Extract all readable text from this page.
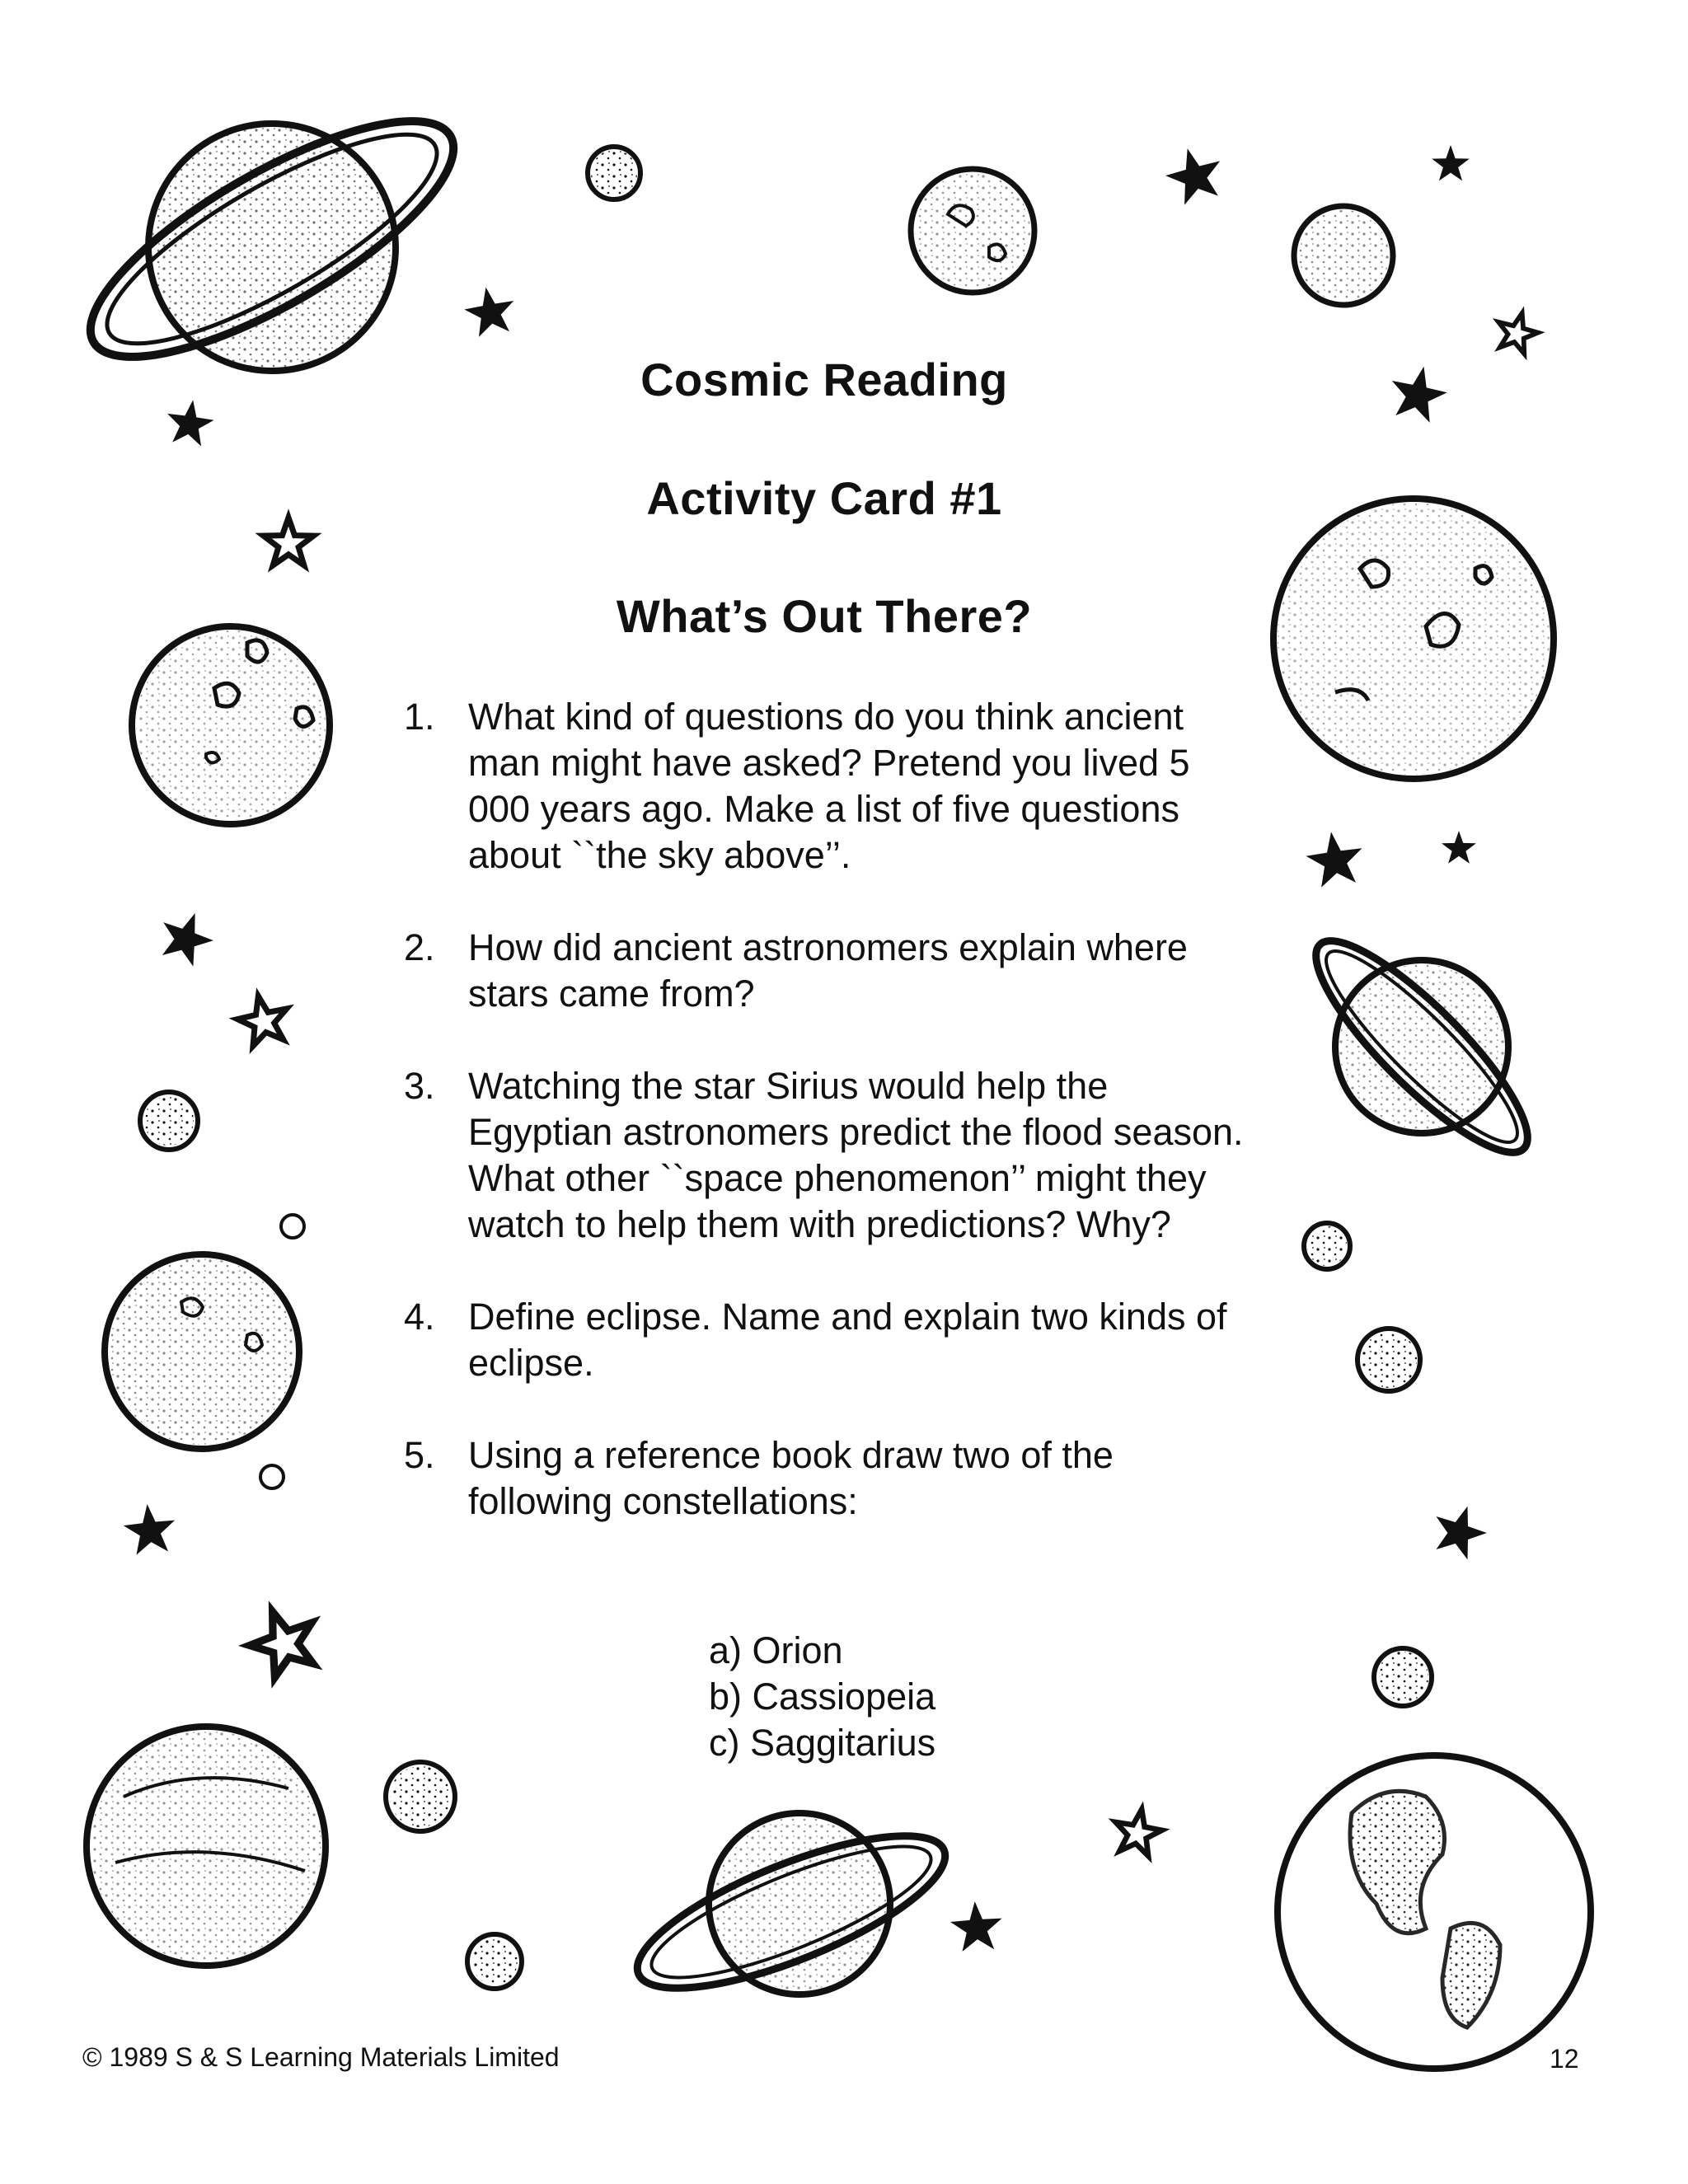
Cosmic Reading
Activity Card #1
What’s Out There?
1. What kind of questions do you think ancient man might have asked? Pretend you lived 5 000 years ago. Make a list of five questions about ``the sky above’’.
2. How did ancient astronomers explain where stars came from?
3. Watching the star Sirius would help the Egyptian astronomers predict the flood season. What other ``space phenomenon’’ might they watch to help them with predictions? Why?
4. Define eclipse. Name and explain two kinds of eclipse.
5. Using a reference book draw two of the following constellations:
a) Orion
b) Cassiopeia
c) Saggitarius
© 1989 S & S Learning Materials Limited	12
